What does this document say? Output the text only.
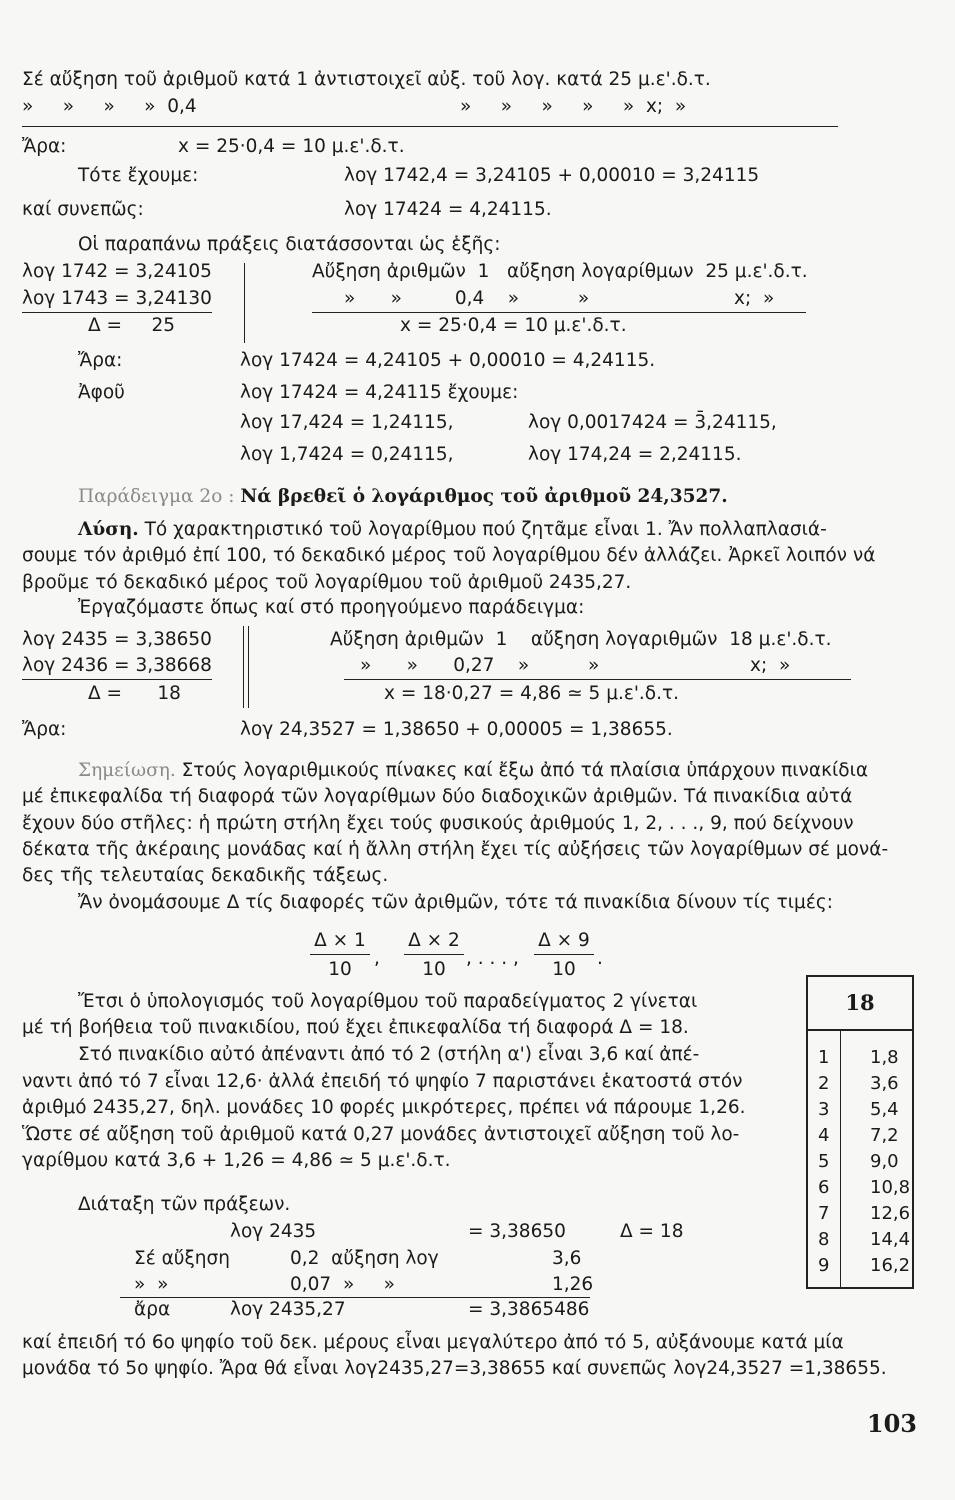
Σέ αὔξηση τοῦ ἀριθμοῦ κατά 1 ἀντιστοιχεῖ αὐξ. τοῦ λογ. κατά 25 μ.ε'.δ.τ.
»     »     »     »  0,4	»     »     »     »     »  x;  »
Ἄρα:	x = 25·0,4 = 10 μ.ε'.δ.τ.
Τότε ἔχουμε:	λογ 1742,4 = 3,24105 + 0,00010 = 3,24115
καί συνεπῶς:	λογ 17424 = 4,24115.
Οἱ παραπάνω πράξεις διατάσσονται ὡς ἑξῆς:
λογ 1742 = 3,24105
λογ 1743 = 3,24130
Δ =     25
Αὔξηση ἀριθμῶν  1   αὔξηση λογαρίθμων  25 μ.ε'.δ.τ.
»      »         0,4    »          »	x;  »
x = 25·0,4 = 10 μ.ε'.δ.τ.
Ἄρα:	λογ 17424 = 4,24105 + 0,00010 = 4,24115.
Ἀφοῦ	λογ 17424 = 4,24115 ἔχουμε:
λογ 17,424 = 1,24115,	λογ 0,0017424 = 3̄,24115,
λογ 1,7424 = 0,24115,	λογ 174,24 = 2,24115.
Παράδειγμα 2ο : Νά βρεθεῖ ὁ λογάριθμος τοῦ ἀριθμοῦ 24,3527.
Λύση. Τό χαρακτηριστικό τοῦ λογαρίθμου πού ζητᾶμε εἶναι 1. Ἄν πολλαπλασιά-
σουμε τόν ἀριθμό ἐπί 100, τό δεκαδικό μέρος τοῦ λογαρίθμου δέν ἀλλάζει. Ἀρκεῖ λοιπόν νά
βροῦμε τό δεκαδικό μέρος τοῦ λογαρίθμου τοῦ ἀριθμοῦ 2435,27.
Ἐργαζόμαστε ὅπως καί στό προηγούμενο παράδειγμα:
λογ 2435 = 3,38650
λογ 2436 = 3,38668
Δ =      18
Αὔξηση ἀριθμῶν  1    αὔξηση λογαριθμῶν  18 μ.ε'.δ.τ.
»      »      0,27    »          »	x;  »
x = 18·0,27 = 4,86 ≃ 5 μ.ε'.δ.τ.
Ἄρα:	λογ 24,3527 = 1,38650 + 0,00005 = 1,38655.
Σημείωση. Στούς λογαριθμικούς πίνακες καί ἔξω ἀπό τά πλαίσια ὑπάρχουν πινακίδια
μέ ἐπικεφαλίδα τή διαφορά τῶν λογαρίθμων δύο διαδοχικῶν ἀριθμῶν. Τά πινακίδια αὐτά
ἔχουν δύο στῆλες: ἡ πρώτη στήλη ἔχει τούς φυσικούς ἀριθμούς 1, 2, . . ., 9, πού δείχνουν
δέκατα τῆς ἀκέραιης μονάδας καί ἡ ἄλλη στήλη ἔχει τίς αὐξήσεις τῶν λογαρίθμων σέ μονά-
δες τῆς τελευταίας δεκαδικῆς τάξεως.
Ἄν ὀνομάσουμε Δ τίς διαφορές τῶν ἀριθμῶν, τότε τά πινακίδια δίνουν τίς τιμές:
$\frac{\Delta \times 1}{10}$ , $\frac{\Delta \times 2}{10}$ , . . . , $\frac{\Delta \times 9}{10}$ .
Ἔτσι ὁ ὑπολογισμός τοῦ λογαρίθμου τοῦ παραδείγματος 2 γίνεται
μέ τή βοήθεια τοῦ πινακιδίου, πού ἔχει ἐπικεφαλίδα τή διαφορά Δ = 18.
Στό πινακίδιο αὐτό ἀπέναντι ἀπό τό 2 (στήλη α') εἶναι 3,6 καί ἀπέ-
ναντι ἀπό τό 7 εἶναι 12,6· ἀλλά ἐπειδή τό ψηφίο 7 παριστάνει ἑκατοστά στόν
ἀριθμό 2435,27, δηλ. μονάδες 10 φορές μικρότερες, πρέπει νά πάρουμε 1,26.
Ὥστε σέ αὔξηση τοῦ ἀριθμοῦ κατά 0,27 μονάδες ἀντιστοιχεῖ αὔξηση τοῦ λο-
γαρίθμου κατά 3,6 + 1,26 = 4,86 ≃ 5 μ.ε'.δ.τ.
18
1 1,8
2 3,6
3 5,4
4 7,2
5 9,0
6 10,8
7 12,6
8 14,4
9 16,2
Διάταξη τῶν πράξεων.
λογ 2435	= 3,38650	Δ = 18
Σέ αὔξηση	0,2  αὔξηση λογ	3,6
»  »	0,07  »     »	1,26
ἄρα	λογ 2435,27	= 3,3865486
καί ἐπειδή τό 6ο ψηφίο τοῦ δεκ. μέρους εἶναι μεγαλύτερο ἀπό τό 5, αὐξάνουμε κατά μία
μονάδα τό 5ο ψηφίο. Ἄρα θά εἶναι λογ2435,27=3,38655 καί συνεπῶς λογ24,3527 =1,38655.
103
